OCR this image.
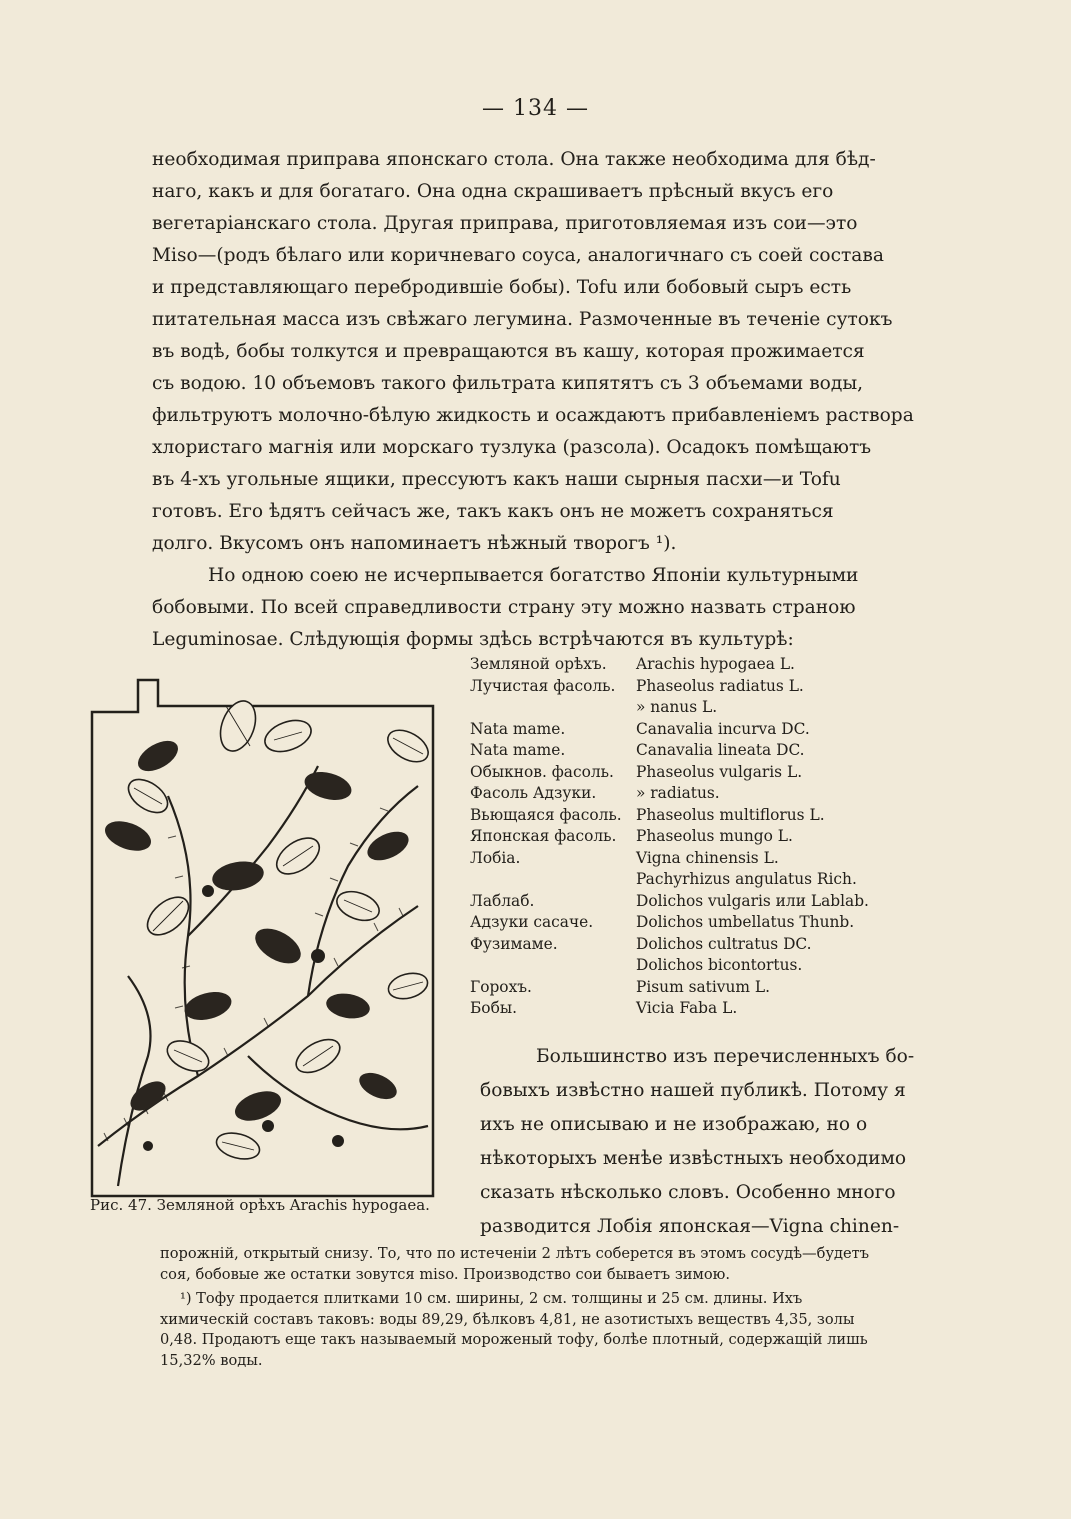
— 134 —
необходимая приправа японскаго стола. Она также необходима для бѣд-
наго, какъ и для богатаго. Она одна скрашиваетъ прѣсный вкусъ его
вегетаріанскаго стола. Другая приправа, приготовляемая изъ сои—это
Miso—(родъ бѣлаго или коричневаго соуса, аналогичнаго съ соей состава
и представляющаго перебродившіе бобы). Tofu или бобовый сыръ есть
питательная масса изъ свѣжаго легумина. Размоченные въ теченіе сутокъ
въ водѣ, бобы толкутся и превращаются въ кашу, которая прожимается
съ водою. 10 объемовъ такого фильтрата кипятятъ съ 3 объемами воды,
фильтруютъ молочно-бѣлую жидкость и осаждаютъ прибавленіемъ раствора
хлористаго магнія или морскаго тузлука (разсола). Осадокъ помѣщаютъ
въ 4-хъ угольные ящики, прессуютъ какъ наши сырныя пасхи—и Tofu
готовъ. Его ѣдятъ сейчасъ же, такъ какъ онъ не можетъ сохраняться
долго. Вкусомъ онъ напоминаетъ нѣжный творогъ ¹).
Но одною соею не исчерпывается богатство Японіи культурными
бобовыми. По всей справедливости страну эту можно назвать страною
Leguminosae. Слѣдующія формы здѣсь встрѣчаются въ культурѣ:
Рис. 47. Земляной орѣхъ Arachis hypogaea.
Земляной орѣхъ.	Arachis hypogaea L.
Лучистая фасоль.	Phaseolus radiatus L.
» nanus L.
Nata mame.	Canavalia incurva DC.
Nata mame.	Canavalia lineata DC.
Обыкнов. фасоль.	Phaseolus vulgaris L.
Фасоль Адзуки.	» radiatus.
Вьющаяся фасоль. Phaseolus multiflorus L.
Японская фасоль.	Phaseolus mungo L.
Лобіа.	Vigna chinensis L.
Pachyrhizus angulatus Rich.
Лаблаб.	Dolichos vulgaris или Lablab.
Адзуки сасаче.	Dolichos umbellatus Thunb.
Фузимаме.	Dolichos cultratus DC.
Dolichos bicontortus.
Горохъ.	Pisum sativum L.
Бобы.	Vicia Faba L.
Большинство изъ перечисленныхъ бо-
бовыхъ извѣстно нашей публикѣ. Потому я
ихъ не описываю и не изображаю, но о
нѣкоторыхъ менѣе извѣстныхъ необходимо
сказать нѣсколько словъ. Особенно много
разводится Лобія японская—Vigna chinen-
порожній, открытый снизу. То, что по истеченіи 2 лѣтъ соберется въ этомъ сосудѣ—будетъ
соя, бобовые же остатки зовутся miso. Производство сои бываетъ зимою.
¹) Тофу продается плитками 10 см. ширины, 2 см. толщины и 25 см. длины. Ихъ
химическій составъ таковъ: воды 89,29, бѣлковъ 4,81, не азотистыхъ веществъ 4,35, золы
0,48. Продаютъ еще такъ называемый мороженый тофу, болѣе плотный, содержащій лишь
15,32% воды.
